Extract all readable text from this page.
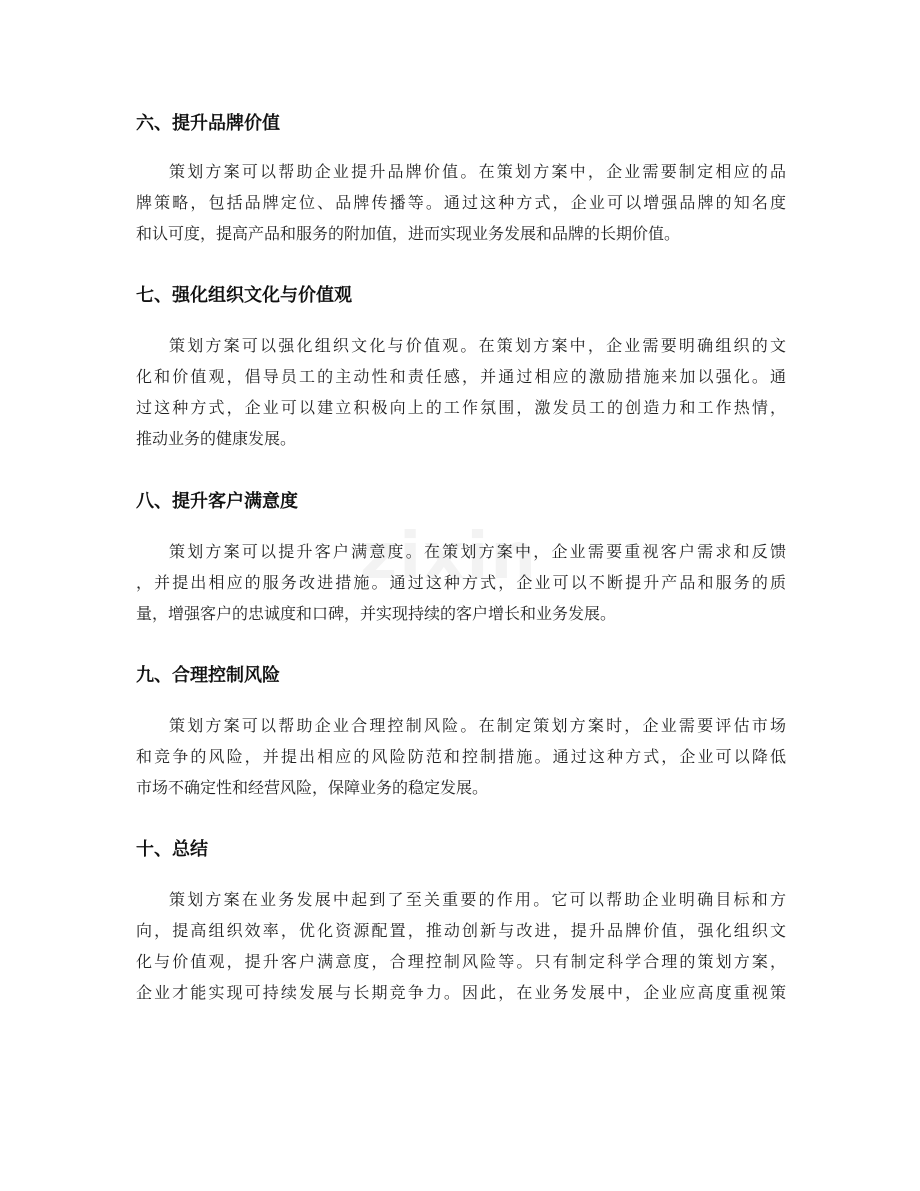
zixin
六、提升品牌价值
策划方案可以帮助企业提升品牌价值。在策划方案中，企业需要制定相应的品
牌策略，包括品牌定位、品牌传播等。通过这种方式，企业可以增强品牌的知名度
和认可度，提高产品和服务的附加值，进而实现业务发展和品牌的长期价值。
七、强化组织文化与价值观
策划方案可以强化组织文化与价值观。在策划方案中，企业需要明确组织的文
化和价值观，倡导员工的主动性和责任感，并通过相应的激励措施来加以强化。通
过这种方式，企业可以建立积极向上的工作氛围，激发员工的创造力和工作热情，
推动业务的健康发展。
八、提升客户满意度
策划方案可以提升客户满意度。在策划方案中，企业需要重视客户需求和反馈
，并提出相应的服务改进措施。通过这种方式，企业可以不断提升产品和服务的质
量，增强客户的忠诚度和口碑，并实现持续的客户增长和业务发展。
九、合理控制风险
策划方案可以帮助企业合理控制风险。在制定策划方案时，企业需要评估市场
和竞争的风险，并提出相应的风险防范和控制措施。通过这种方式，企业可以降低
市场不确定性和经营风险，保障业务的稳定发展。
十、总结
策划方案在业务发展中起到了至关重要的作用。它可以帮助企业明确目标和方
向，提高组织效率，优化资源配置，推动创新与改进，提升品牌价值，强化组织文
化与价值观，提升客户满意度，合理控制风险等。只有制定科学合理的策划方案，
企业才能实现可持续发展与长期竞争力。因此，在业务发展中，企业应高度重视策
